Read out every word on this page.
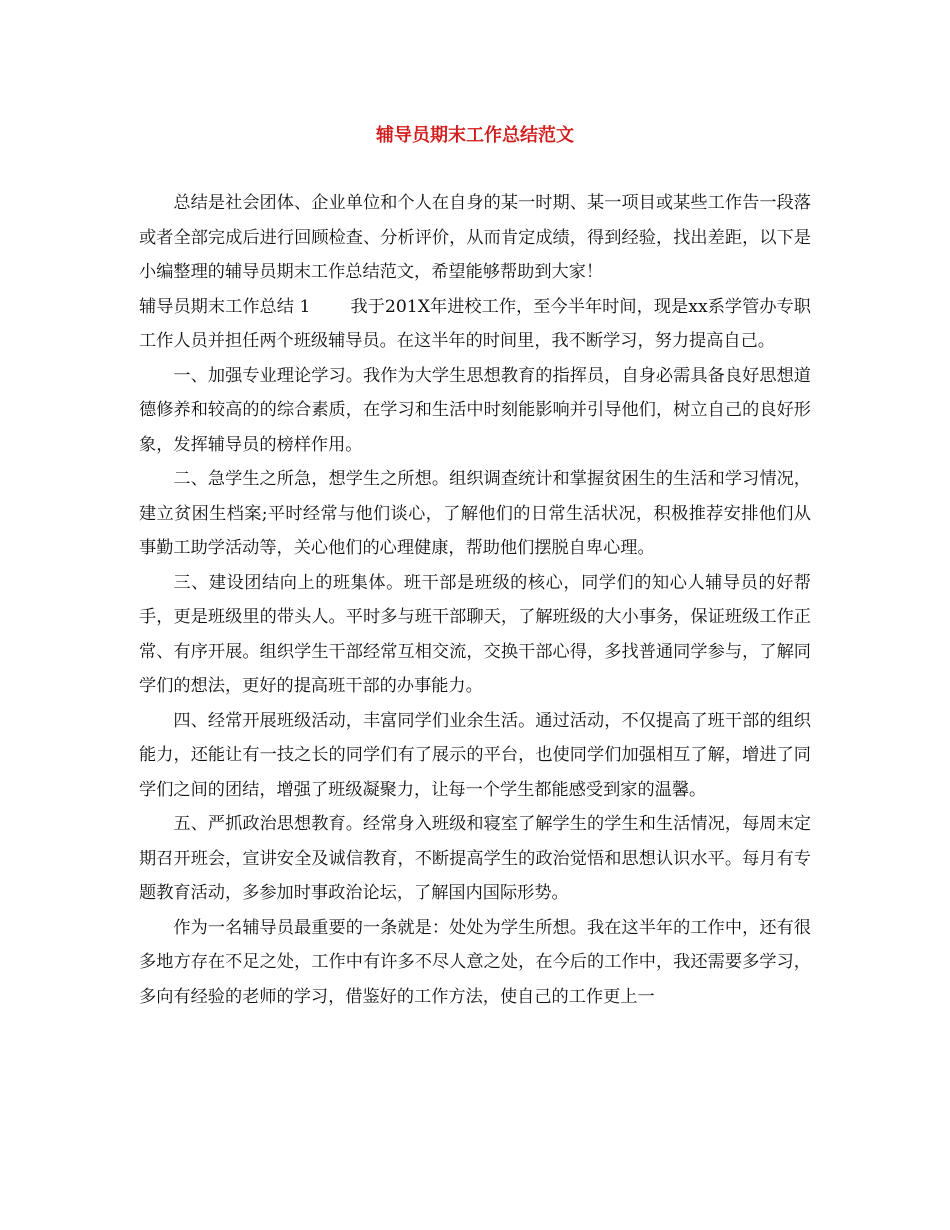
辅导员期末工作总结范文

总结是社会团体、企业单位和个人在自身的某一时期、某一项目或某些工作告一段落或者全部完成后进行回顾检查、分析评价，从而肯定成绩，得到经验，找出差距，以下是小编整理的辅导员期末工作总结范文，希望能够帮助到大家！

辅导员期末工作总结 1 我于201X年进校工作，至今半年时间，现是xx系学管办专职工作人员并担任两个班级辅导员。在这半年的时间里，我不断学习，努力提高自己。

一、加强专业理论学习。我作为大学生思想教育的指挥员，自身必需具备良好思想道德修养和较高的的综合素质，在学习和生活中时刻能影响并引导他们，树立自己的良好形象，发挥辅导员的榜样作用。

二、急学生之所急，想学生之所想。组织调查统计和掌握贫困生的生活和学习情况，建立贫困生档案;平时经常与他们谈心，了解他们的日常生活状况，积极推荐安排他们从事勤工助学活动等，关心他们的心理健康，帮助他们摆脱自卑心理。

三、建设团结向上的班集体。班干部是班级的核心，同学们的知心人辅导员的好帮手，更是班级里的带头人。平时多与班干部聊天，了解班级的大小事务，保证班级工作正常、有序开展。组织学生干部经常互相交流，交换干部心得，多找普通同学参与，了解同学们的想法，更好的提高班干部的办事能力。

四、经常开展班级活动，丰富同学们业余生活。通过活动，不仅提高了班干部的组织能力，还能让有一技之长的同学们有了展示的平台，也使同学们加强相互了解，增进了同学们之间的团结，增强了班级凝聚力，让每一个学生都能感受到家的温馨。

五、严抓政治思想教育。经常身入班级和寝室了解学生的学生和生活情况，每周末定期召开班会，宣讲安全及诚信教育，不断提高学生的政治觉悟和思想认识水平。每月有专题教育活动，多参加时事政治论坛，了解国内国际形势。

作为一名辅导员最重要的一条就是：处处为学生所想。我在这半年的工作中，还有很多地方存在不足之处，工作中有许多不尽人意之处，在今后的工作中，我还需要多学习，多向有经验的老师的学习，借鉴好的工作方法，使自己的工作更上一
